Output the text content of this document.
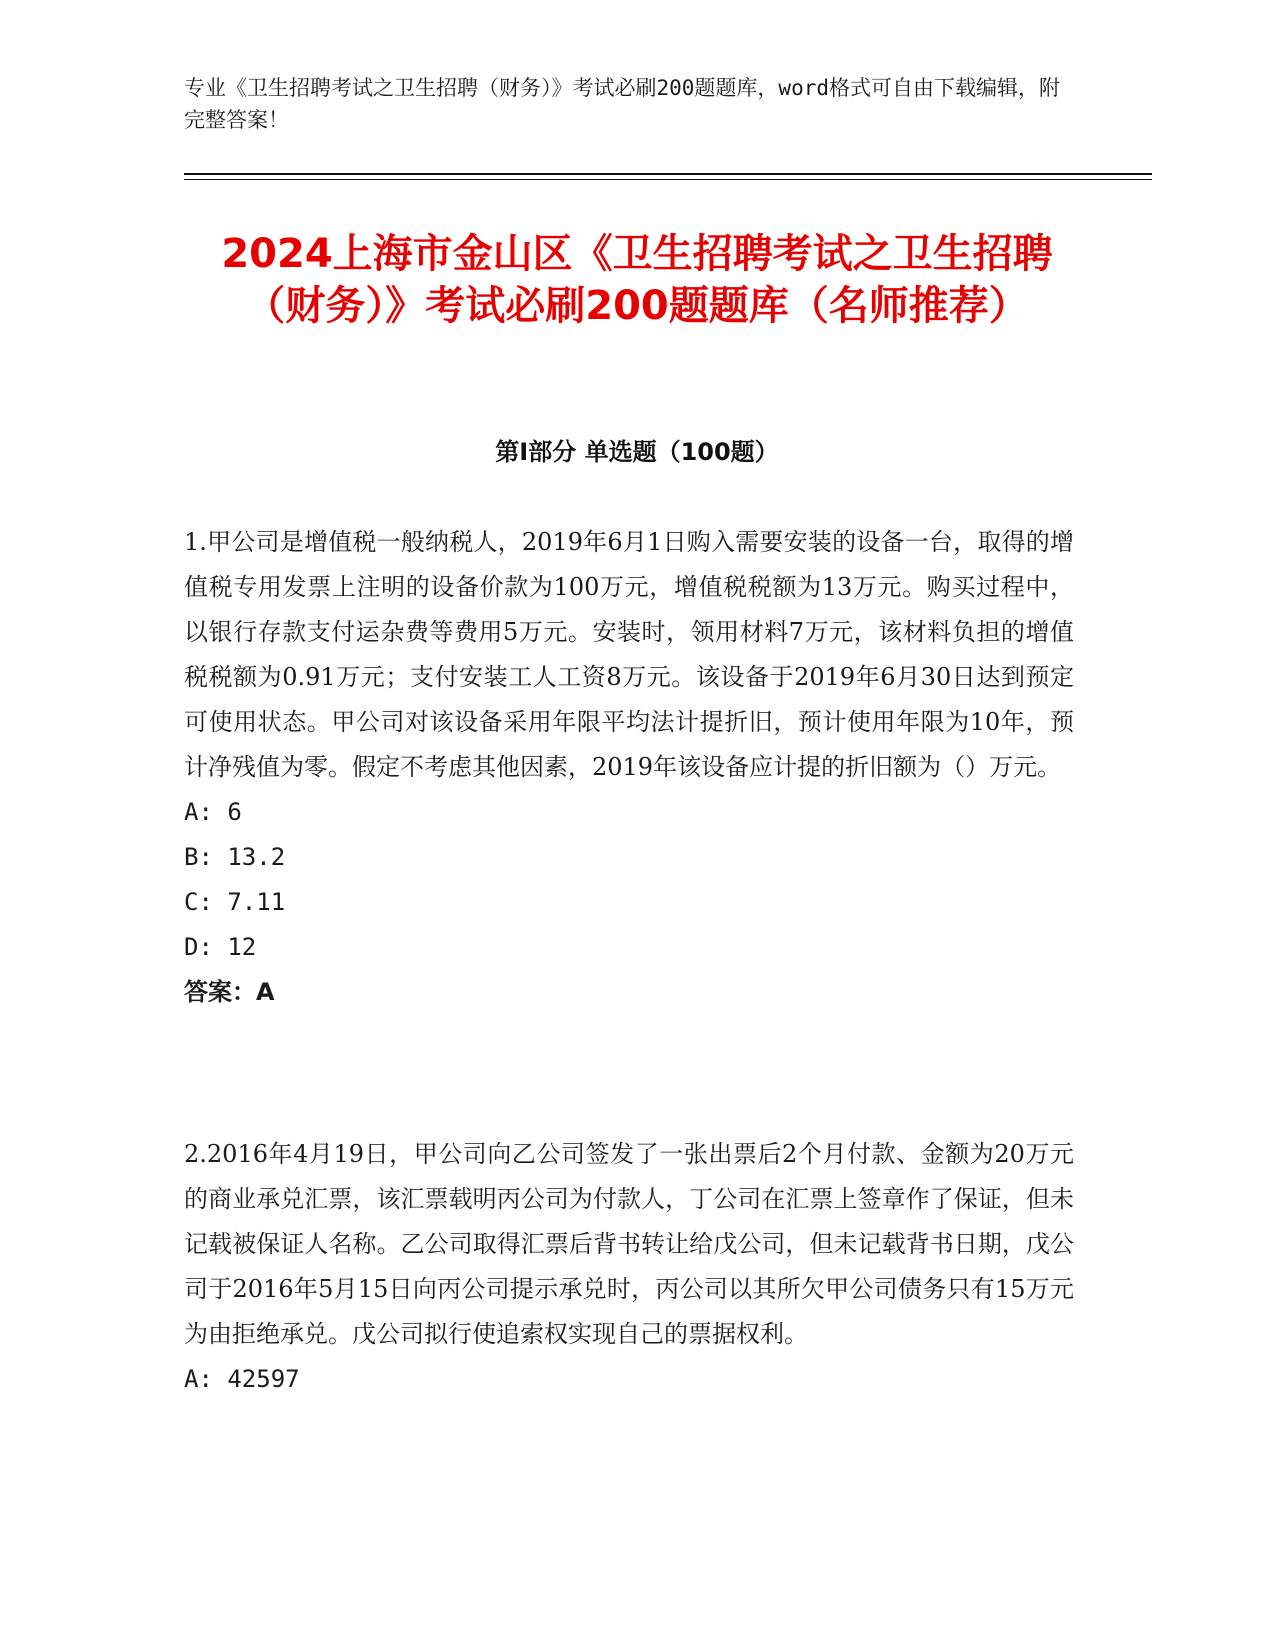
专业《卫生招聘考试之卫生招聘（财务）》考试必刷200题题库，word格式可自由下载编辑，附完整答案！
2024上海市金山区《卫生招聘考试之卫生招聘（财务）》考试必刷200题题库（名师推荐）
第Ⅰ部分 单选题（100题）

1.甲公司是增值税一般纳税人，2019年6月1日购入需要安装的设备一台，取得的增值税专用发票上注明的设备价款为100万元，增值税税额为13万元。购买过程中，以银行存款支付运杂费等费用5万元。安装时，领用材料7万元，该材料负担的增值税税额为0.91万元；支付安装工人工资8万元。该设备于2019年6月30日达到预定可使用状态。甲公司对该设备采用年限平均法计提折旧，预计使用年限为10年，预计净残值为零。假定不考虑其他因素，2019年该设备应计提的折旧额为（）万元。

A: 6

B: 13.2

C: 7.11

D: 12

答案：A

2.2016年4月19日，甲公司向乙公司签发了一张出票后2个月付款、金额为20万元的商业承兑汇票，该汇票载明丙公司为付款人，丁公司在汇票上签章作了保证，但未记载被保证人名称。乙公司取得汇票后背书转让给戊公司，但未记载背书日期，戊公司于2016年5月15日向丙公司提示承兑时，丙公司以其所欠甲公司债务只有15万元为由拒绝承兑。戊公司拟行使追索权实现自己的票据权利。

A: 42597
